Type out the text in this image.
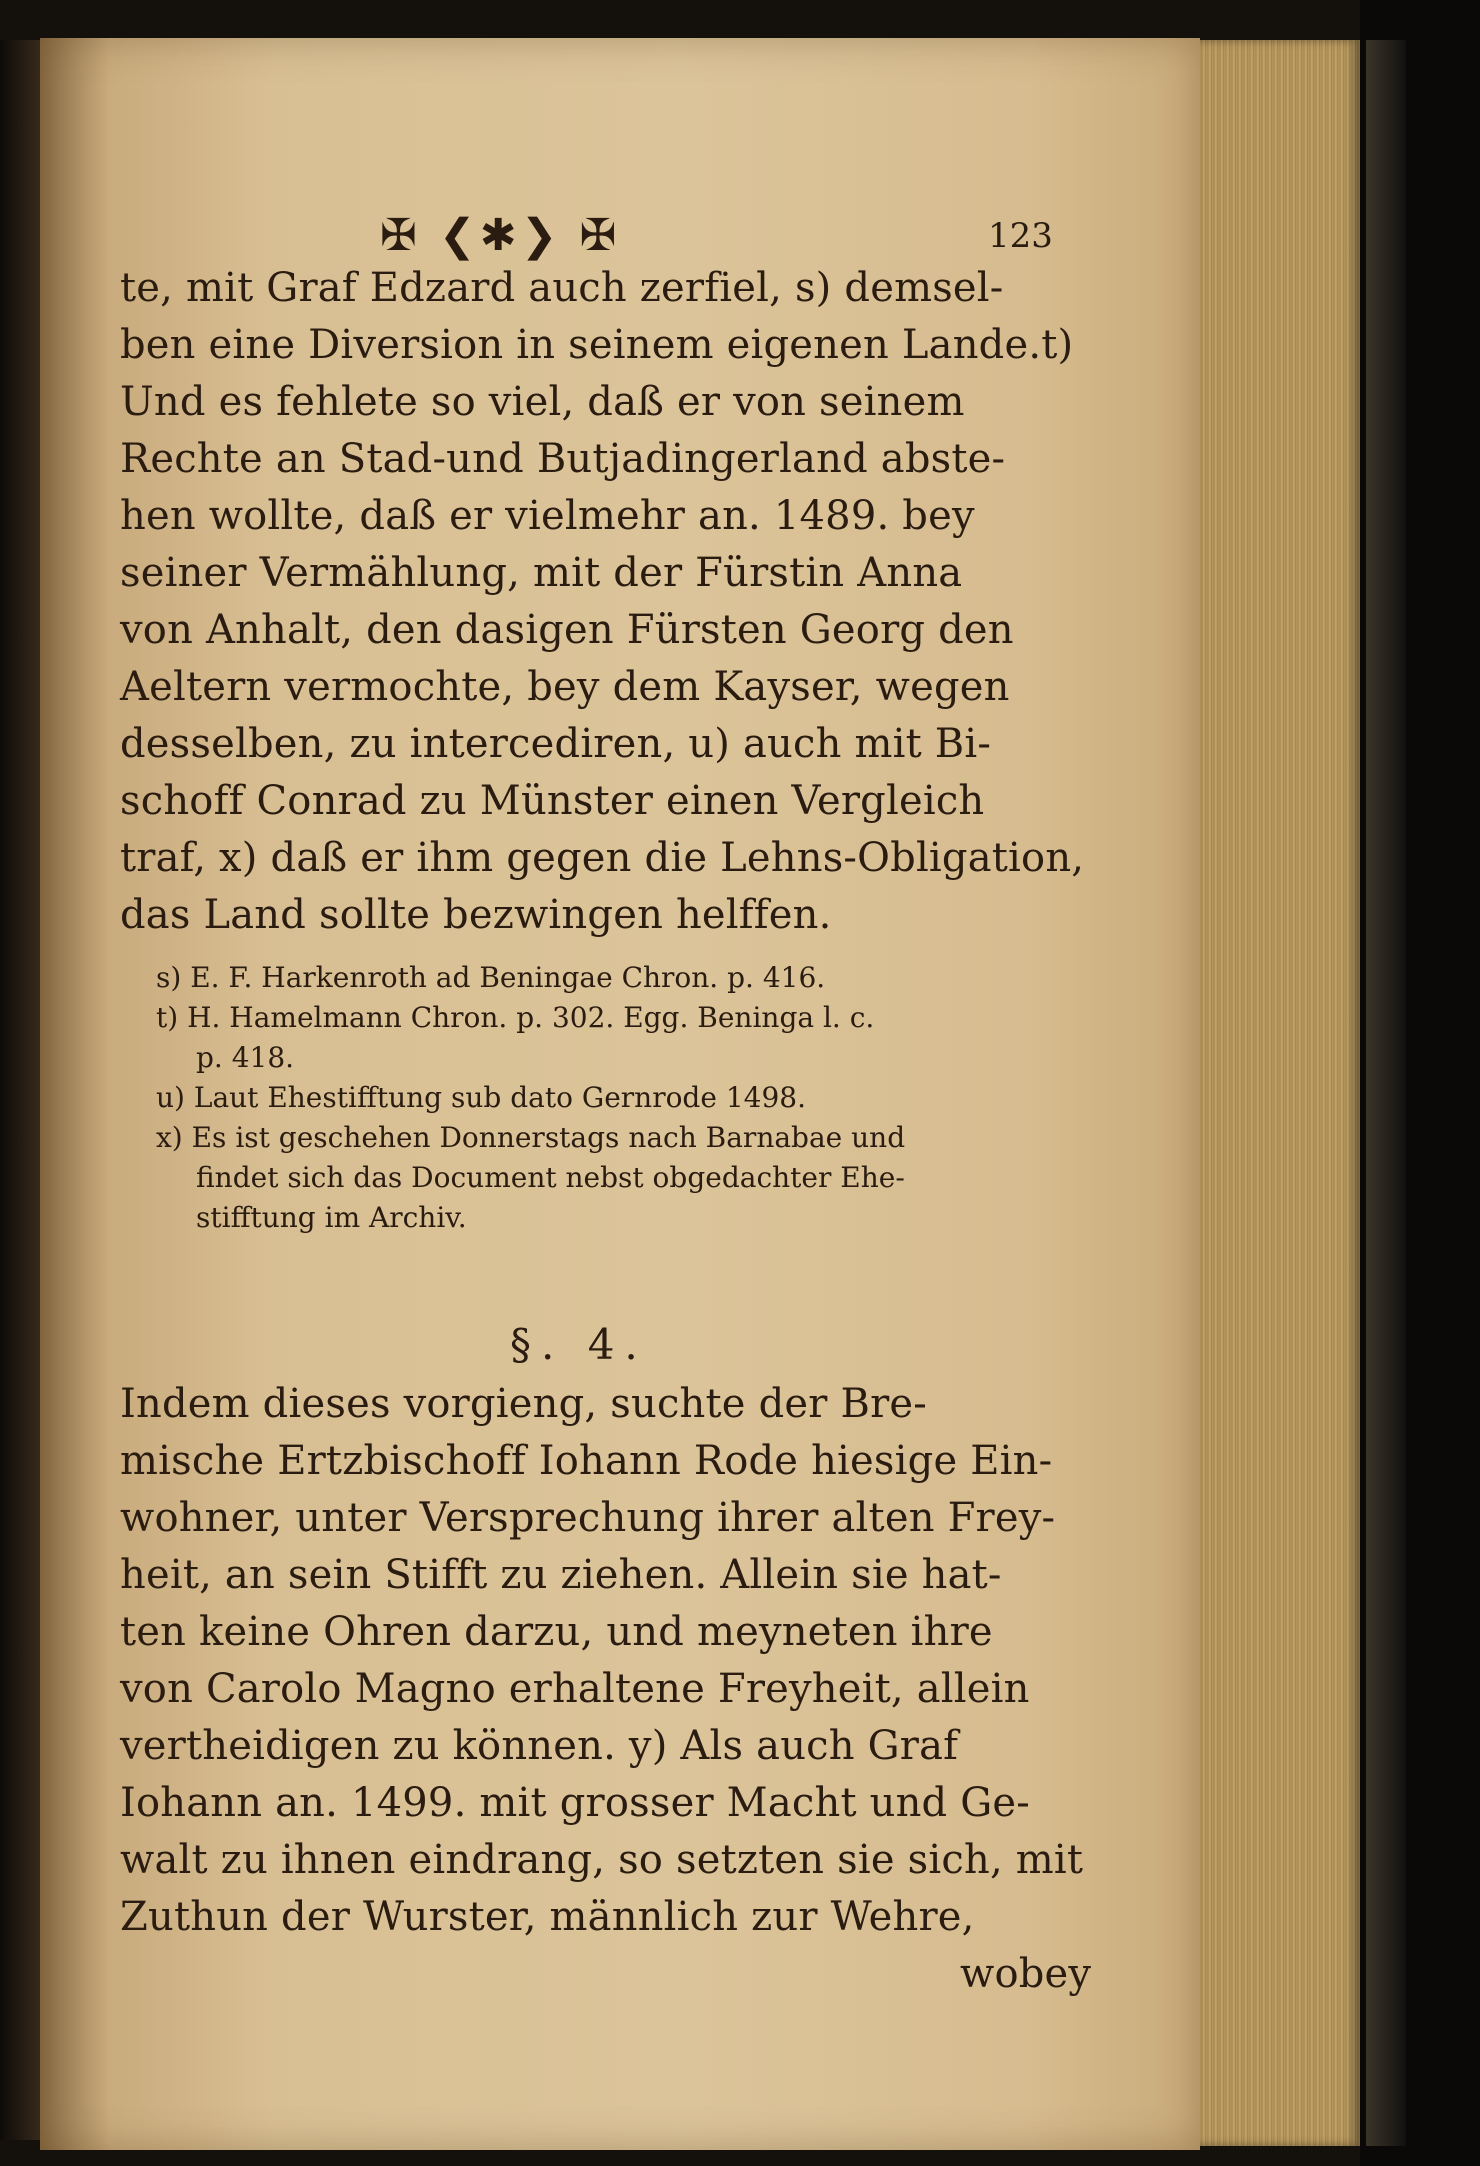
✠ ❮✱❯ ✠	123
te, mit Graf Edzard auch zerfiel, s) demsel-
ben eine Diversion in seinem eigenen Lande.t)
Und es fehlete so viel, daß er von seinem
Rechte an Stad-und Butjadingerland abste-
hen wollte, daß er vielmehr an. 1489. bey
seiner Vermählung, mit der Fürstin Anna
von Anhalt, den dasigen Fürsten Georg den
Aeltern vermochte, bey dem Kayser, wegen
desselben, zu intercediren, u) auch mit Bi-
schoff Conrad zu Münster einen Vergleich
traf, x) daß er ihm gegen die Lehns-Obligation,
das Land sollte bezwingen helffen.
s) E. F. Harkenroth ad Beningae Chron. p. 416.
t) H. Hamelmann Chron. p. 302. Egg. Beninga l. c.
p. 418.
u) Laut Ehestifftung sub dato Gernrode 1498.
x) Es ist geschehen Donnerstags nach Barnabae und
findet sich das Document nebst obgedachter Ehe-
stifftung im Archiv.
§. 4.
Indem dieses vorgieng, suchte der Bre-
mische Ertzbischoff Iohann Rode hiesige Ein-
wohner, unter Versprechung ihrer alten Frey-
heit, an sein Stifft zu ziehen. Allein sie hat-
ten keine Ohren darzu, und meyneten ihre
von Carolo Magno erhaltene Freyheit, allein
vertheidigen zu können. y) Als auch Graf
Iohann an. 1499. mit grosser Macht und Ge-
walt zu ihnen eindrang, so setzten sie sich, mit
Zuthun der Wurster, männlich zur Wehre,
wobey
